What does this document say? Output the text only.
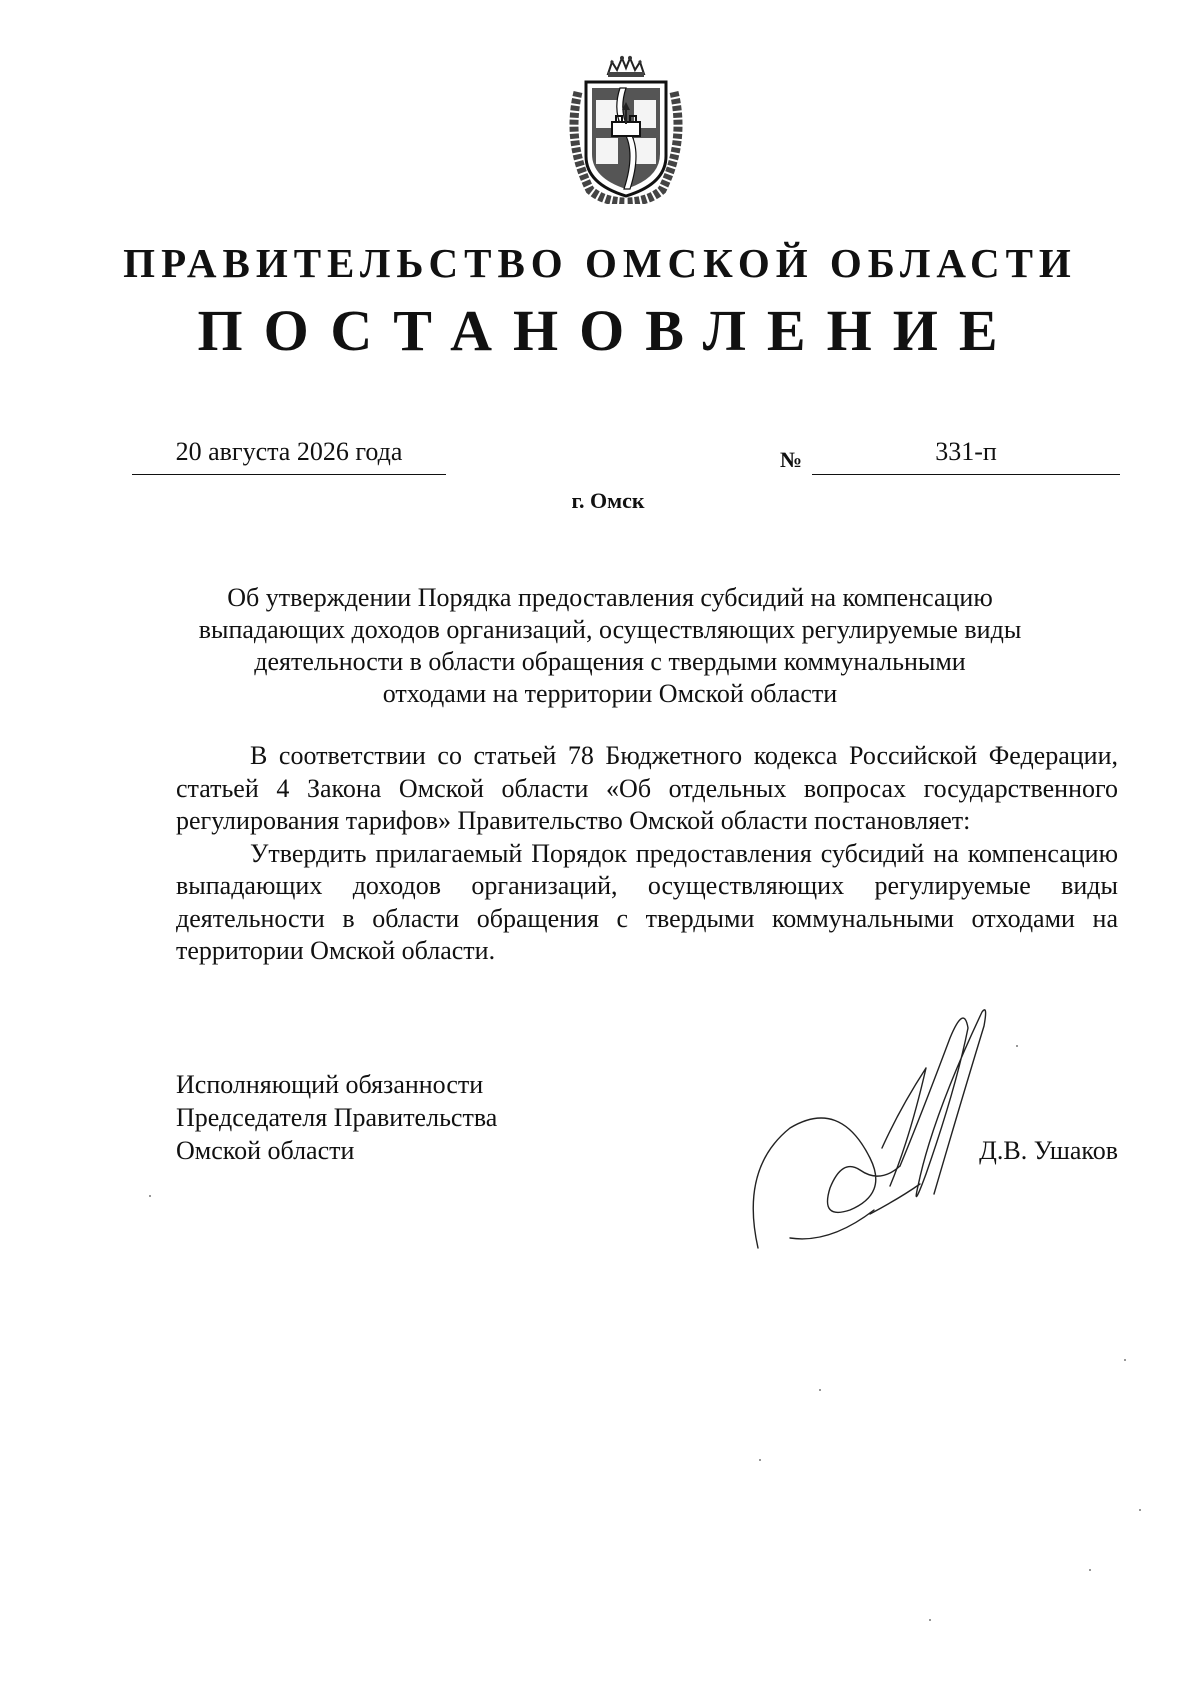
ПРАВИТЕЛЬСТВО ОМСКОЙ ОБЛАСТИ
ПОСТАНОВЛЕНИЕ
20 августа 2026 года	№	331-п
г. Омск
Об утверждении Порядка предоставления субсидий на компенсацию
выпадающих доходов организаций, осуществляющих регулируемые виды
деятельности в области обращения с твердыми коммунальными
отходами на территории Омской области

В соответствии со статьей 78 Бюджетного кодекса Российской Федерации, статьей 4 Закона Омской области «Об отдельных вопросах государственного регулирования тарифов» Правительство Омской области постановляет:

Утвердить прилагаемый Порядок предоставления субсидий на компенсацию выпадающих доходов организаций, осуществляющих регулируемые виды деятельности в области обращения с твердыми коммунальными отходами на территории Омской области.

Исполняющий обязанности
Председателя Правительства
Омской области	Д.В. Ушаков
